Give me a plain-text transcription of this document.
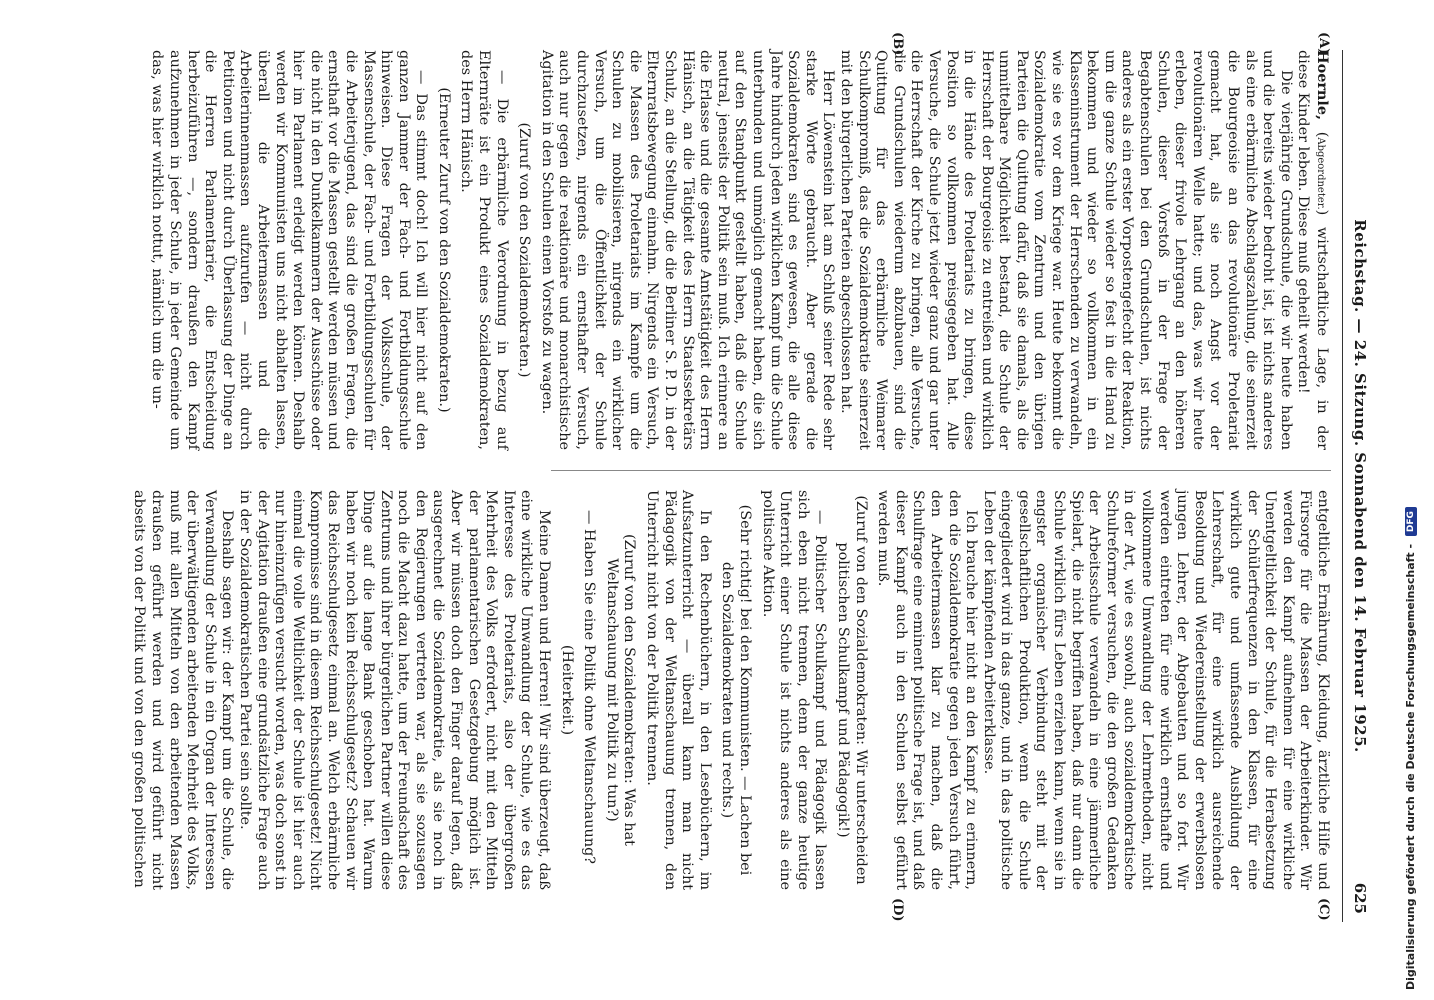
Reichstag. — 24. Sitzung. Sonnabend den 14. Februar 1925.
625
(A)
(B)
(C)
(D)

Hoernle, (Abgeordneter.) wirtschaftliche Lage, in der diese Kinder leben. Diese muß geheilt werden!

Die vierjährige Grundschule, die wir heute haben und die bereits wieder bedroht ist, ist nichts anderes als eine erbärmliche Abschlagszahlung, die seinerzeit die Bourgeoisie an das revolutionäre Proletariat gemacht hat, als sie noch Angst vor der revolutionären Welle hatte; und das, was wir heute erleben, dieser frivole Lehrgang an den höheren Schulen, dieser Vorstoß in der Frage der Begabtenschulen bei den Grundschulen, ist nichts anderes als ein erster Vorpostengefecht der Reaktion, um die ganze Schule wieder so fest in die Hand zu bekommen und wieder so vollkommen in ein Klasseninstrument der Herrschenden zu verwandeln, wie sie es vor dem Kriege war. Heute bekommt die Sozialdemokratie vom Zentrum und den übrigen Parteien die Quittung dafür, daß sie damals, als die unmittelbare Möglichkeit bestand, die Schule der Herrschaft der Bourgeoisie zu entreißen und wirklich in die Hände des Proletariats zu bringen, diese Position so vollkommen preisgegeben hat. Alle Versuche, die Schule jetzt wieder ganz und gar unter die Herrschaft der Kirche zu bringen, alle Versuche, die Grundschulen wiederum abzubauen, sind die Quittung für das erbärmliche Weimarer Schulkompromiß, das die Sozialdemokratie seinerzeit mit den bürgerlichen Parteien abgeschlossen hat.

Herr Löwenstein hat am Schluß seiner Rede sehr starke Worte gebraucht. Aber gerade die Sozialdemokraten sind es gewesen, die alle diese Jahre hindurch jeden wirklichen Kampf um die Schule unterbunden und unmöglich gemacht haben, die sich auf den Standpunkt gestellt haben, daß die Schule neutral, jenseits der Politik sein muß. Ich erinnere an die Erlasse und die gesamte Amtstätigkeit des Herrn Hänisch, an die Tätigkeit des Herrn Staatssekretärs Schulz, an die Stellung, die die Berliner S. P. D. in der Elternratsbewegung einnahm. Nirgends ein Versuch, die Massen des Proletariats im Kampfe um die Schulen zu mobilisieren, nirgends ein wirklicher Versuch, um die Öffentlichkeit der Schule durchzusetzen, nirgends ein ernsthafter Versuch, auch nur gegen die reaktionäre und monarchistische Agitation in den Schulen einen Vorstoß zu wagen.

(Zuruf von den Sozialdemokraten.)

— Die erbärmliche Verordnung in bezug auf Elternräte ist ein Produkt eines Sozialdemokraten, des Herrn Hänisch.

(Erneuter Zuruf von den Sozialdemokraten.)

— Das stimmt doch! Ich will hier nicht auf den ganzen Jammer der Fach- und Fortbildungsschule hinweisen. Diese Fragen der Volksschule, der Massenschule, der Fach- und Fortbildungsschulen für die Arbeiterjugend, das sind die großen Fragen, die ernsthaft vor die Massen gestellt werden müssen und die nicht in den Dunkelkammern der Ausschüsse oder hier im Parlament erledigt werden können. Deshalb werden wir Kommunisten uns nicht abhalten lassen, überall die Arbeitermassen und die Arbeiterinnenmassen aufzurufen — nicht durch Petitionen und nicht durch Überlassung der Dinge an die Herren Parlamentarier, die Entscheidung herbeizuführen —, sondern draußen den Kampf aufzunehmen in jeder Schule, in jeder Gemeinde um das, was hier wirklich nottut, nämlich um die un-

entgeltliche Ernährung, Kleidung, ärztliche Hilfe und Fürsorge für die Massen der Arbeiterkinder. Wir werden den Kampf aufnehmen für eine wirkliche Unentgeltlichkeit der Schule, für die Herabsetzung der Schülerfrequenzen in den Klassen, für eine wirklich gute und umfassende Ausbildung der Lehrerschaft, für eine wirklich ausreichende Besoldung und Wiedereinstellung der erwerbslosen jungen Lehrer, der Abgebauten und so fort. Wir werden eintreten für eine wirklich ernsthafte und vollkommene Umwandlung der Lehrmethoden, nicht in der Art, wie es sowohl, auch sozialdemokratische Schulreformer versuchen, die den großen Gedanken der Arbeitsschule verwandeln in eine jämmerliche Spielart, die nicht begriffen haben, daß nur dann die Schule wirklich fürs Leben erziehen kann, wenn sie in engster organischer Verbindung steht mit der gesellschaftlichen Produktion, wenn die Schule eingegliedert wird in das ganze, und in das politische Leben der kämpfenden Arbeiterklasse.

Ich brauche hier nicht an den Kampf zu erinnern, den die Sozialdemokratie gegen jeden Versuch führt, den Arbeitermassen klar zu machen, daß die Schulfrage eine eminent politische Frage ist, und daß dieser Kampf auch in den Schulen selbst geführt werden muß.

(Zuruf von den Sozialdemokraten: Wir unterscheiden politischen Schulkampf und Pädagogik!)

— Politischer Schulkampf und Pädagogik lassen sich eben nicht trennen, denn der ganze heutige Unterricht einer Schule ist nichts anderes als eine politische Aktion.

(Sehr richtig! bei den Kommunisten. — Lachen bei den Sozialdemokraten und rechts.)

In den Rechenbüchern, in den Lesebüchern, im Aufsatzunterricht — überall kann man nicht Pädagogik von der Weltanschauung trennen, den Unterricht nicht von der Politik trennen.

(Zuruf von den Sozialdemokraten: Was hat Weltanschauung mit Politik zu tun?)

— Haben Sie eine Politik ohne Weltanschauung?

(Heiterkeit.)

Meine Damen und Herren! Wir sind überzeugt, daß eine wirkliche Umwandlung der Schule, wie es das Interesse des Proletariats, also der übergroßen Mehrheit des Volks erfordert, nicht mit den Mitteln der parlamentarischen Gesetzgebung möglich ist. Aber wir müssen doch den Finger darauf legen, daß ausgerechnet die Sozialdemokratie, als sie noch in den Regierungen vertreten war, als sie sozusagen noch die Macht dazu hatte, um der Freundschaft des Zentrums und ihrer bürgerlichen Partner willen diese Dinge auf die lange Bank geschoben hat. Warum haben wir noch kein Reichsschulgesetz? Schauen wir das Reichsschulgesetz einmal an. Welch erbärmliche Kompromisse sind in diesem Reichsschulgesetz! Nicht einmal die volle Weltlichkeit der Schule ist hier auch nur hineinzufügen versucht worden, was doch sonst in der Agitation draußen eine grundsätzliche Frage auch in der Sozialdemokratischen Partei sein sollte.

Deshalb sagen wir: der Kampf um die Schule, die Verwandlung der Schule in ein Organ der Interessen der überwältigenden arbeitenden Mehrheit des Volks, muß mit allen Mitteln von den arbeitenden Massen draußen geführt werden und wird geführt nicht abseits von der Politik und von den großen politischen	Digitalisierung gefördert durch die Deutsche Forschungsgemeinschaft - DFG
